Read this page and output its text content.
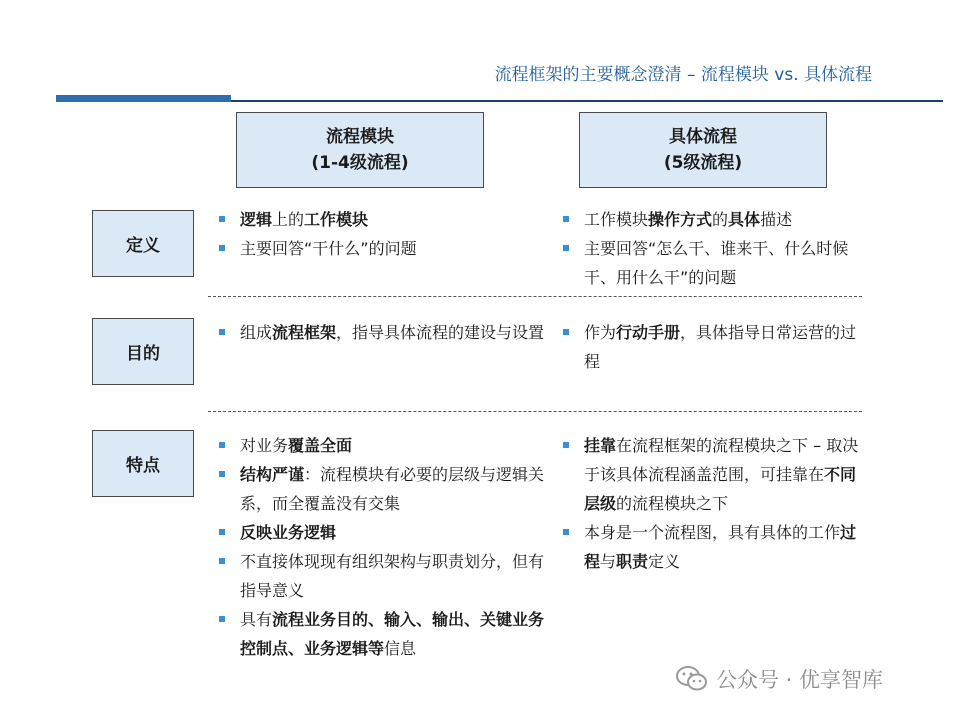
流程框架的主要概念澄清 – 流程模块 vs. 具体流程
流程模块
(1-4级流程)
具体流程
(5级流程)
定义
目的
特点
逻辑上的工作模块
主要回答“干什么”的问题
工作模块操作方式的具体描述
主要回答“怎么干、谁来干、什么时候干、用什么干”的问题
组成流程框架，指导具体流程的建设与设置	作为行动手册，具体指导日常运营的过程
对业务覆盖全面
结构严谨：流程模块有必要的层级与逻辑关系，而全覆盖没有交集
反映业务逻辑
不直接体现现有组织架构与职责划分，但有指导意义
具有流程业务目的、输入、输出、关键业务控制点、业务逻辑等信息
挂靠在流程框架的流程模块之下 – 取决于该具体流程涵盖范围，可挂靠在不同层级的流程模块之下
本身是一个流程图，具有具体的工作过程与职责定义
公众号 · 优享智库
